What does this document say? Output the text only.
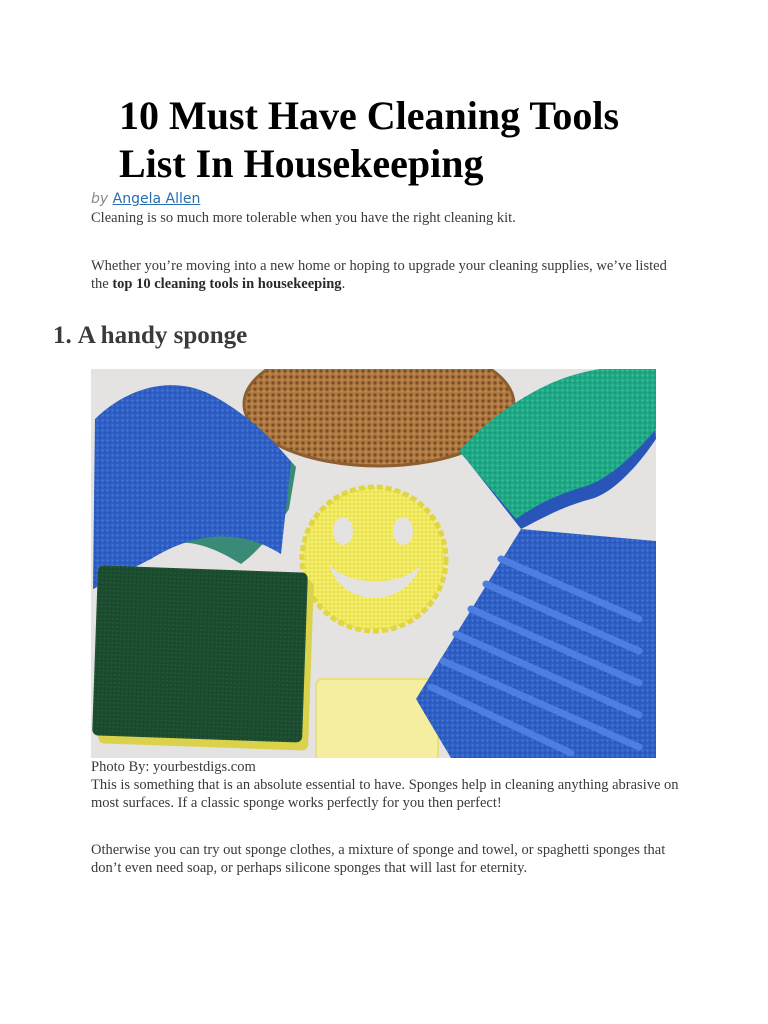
10 Must Have Cleaning Tools
List In Housekeeping
by Angela Allen

Cleaning is so much more tolerable when you have the right cleaning kit.

Whether you’re moving into a new home or hoping to upgrade your cleaning supplies, we’ve listed the top 10 cleaning tools in housekeeping.

1. A handy sponge
Photo By: yourbestdigs.com

This is something that is an absolute essential to have. Sponges help in cleaning anything abrasive on most surfaces. If a classic sponge works perfectly for you then perfect!

Otherwise you can try out sponge clothes, a mixture of sponge and towel, or spaghetti sponges that don’t even need soap, or perhaps silicone sponges that will last for eternity.
